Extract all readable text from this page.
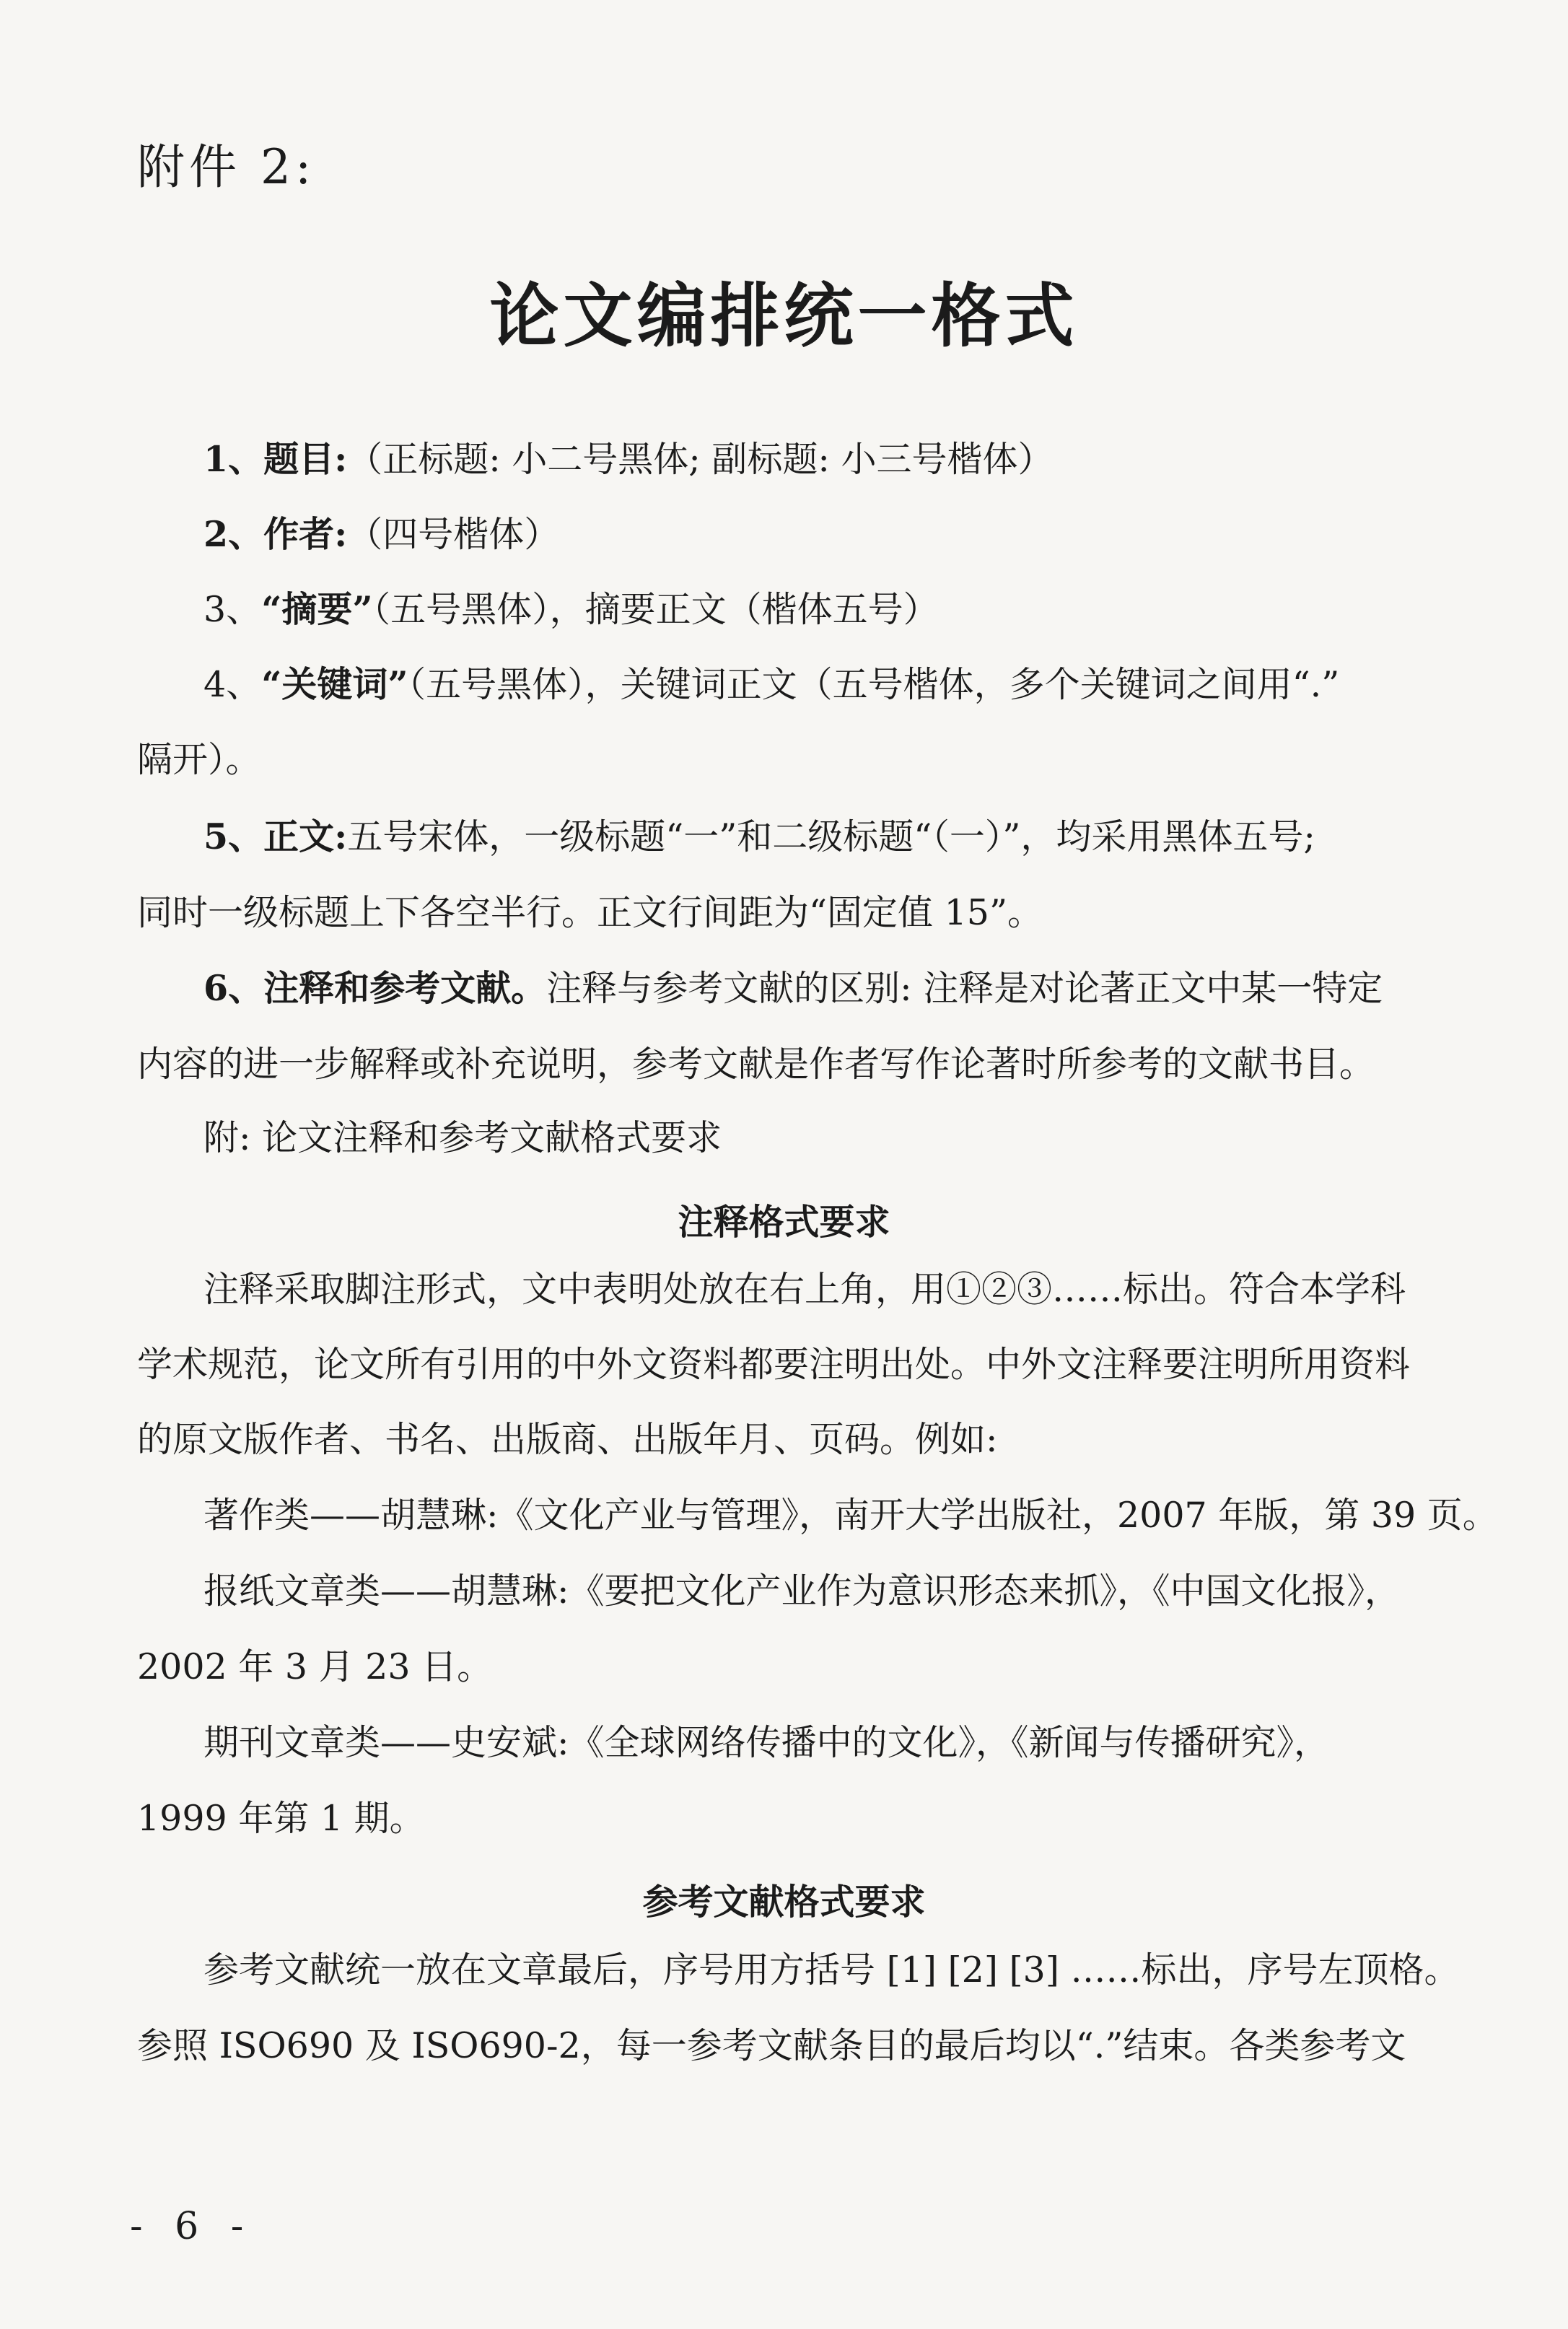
附件 2:
论文编排统一格式
1、题目:（正标题: 小二号黑体; 副标题: 小三号楷体）
2、作者:（四号楷体）
3、“摘要”（五号黑体），摘要正文（楷体五号）
4、“关键词”（五号黑体），关键词正文（五号楷体，多个关键词之间用“.”
隔开）。
5、正文:五号宋体，一级标题“一”和二级标题“（一）”，均采用黑体五号;
同时一级标题上下各空半行。正文行间距为“固定值 15”。
6、注释和参考文献。注释与参考文献的区别: 注释是对论著正文中某一特定
内容的进一步解释或补充说明，参考文献是作者写作论著时所参考的文献书目。
附: 论文注释和参考文献格式要求
注释格式要求
注释采取脚注形式，文中表明处放在右上角，用①②③……标出。符合本学科
学术规范，论文所有引用的中外文资料都要注明出处。中外文注释要注明所用资料
的原文版作者、书名、出版商、出版年月、页码。例如:
著作类——胡慧琳:《文化产业与管理》，南开大学出版社，2007 年版，第 39 页。
报纸文章类——胡慧琳:《要把文化产业作为意识形态来抓》，《中国文化报》，
2002 年 3 月 23 日。
期刊文章类——史安斌:《全球网络传播中的文化》，《新闻与传播研究》，
1999 年第 1 期。
参考文献格式要求
参考文献统一放在文章最后，序号用方括号 [1] [2] [3] ……标出，序号左顶格。
参照 ISO690 及 ISO690-2，每一参考文献条目的最后均以“.”结束。各类参考文
- 6 -
